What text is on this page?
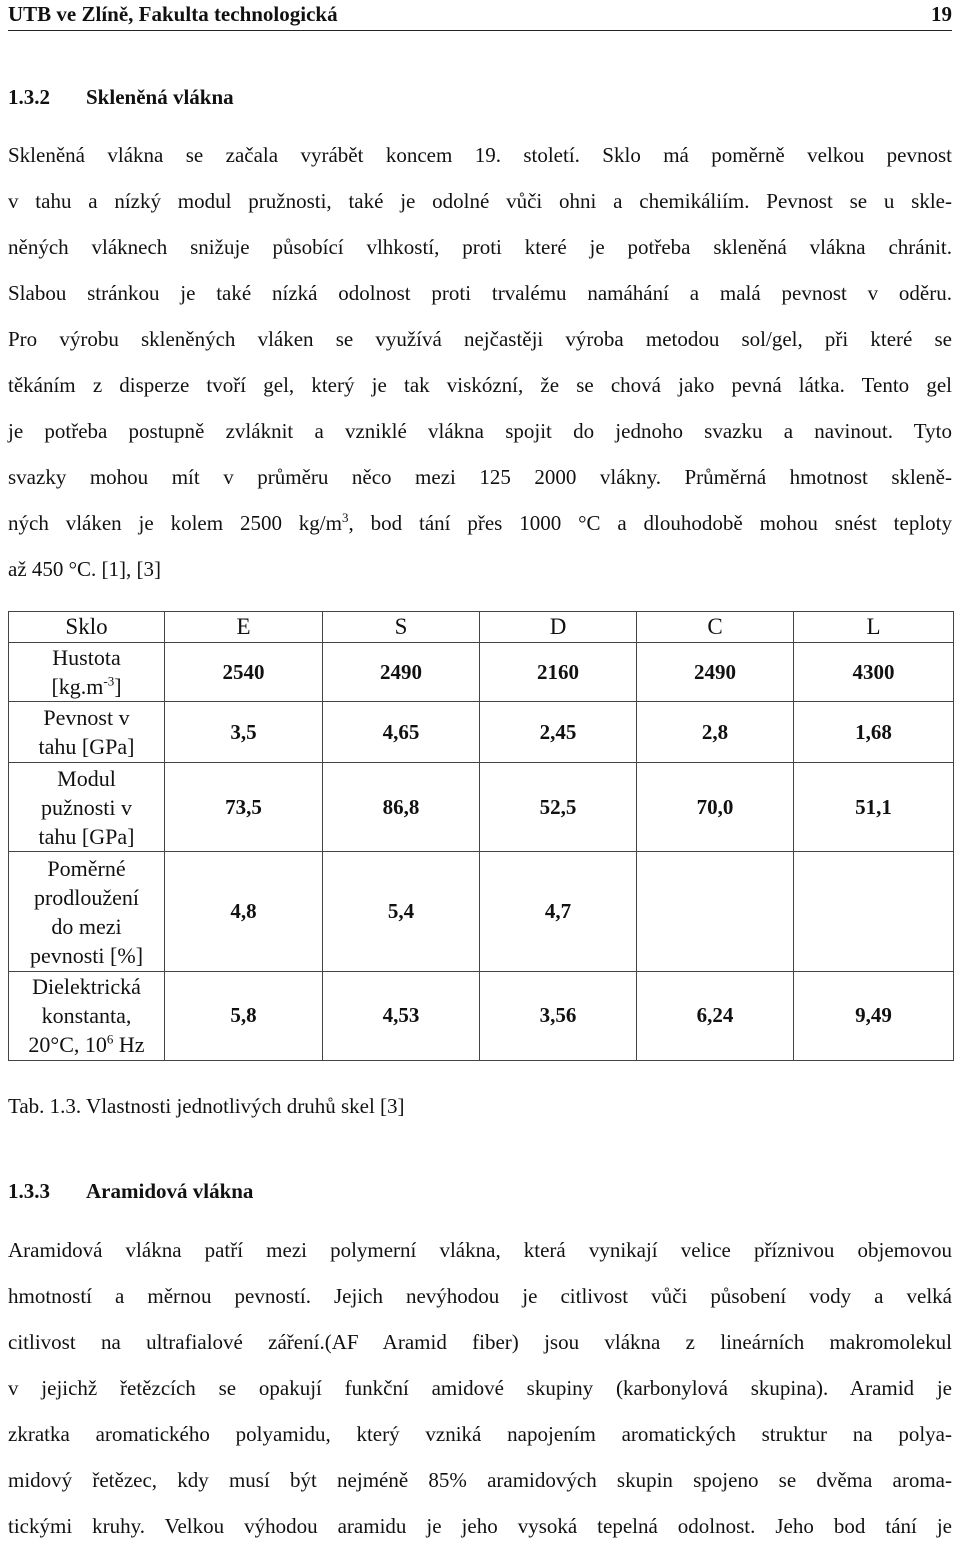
UTB ve Zlíně, Fakulta technologická	19
1.3.2 Skleněná vlákna
Skleněná vlákna se začala vyrábět koncem 19. století. Sklo má poměrně velkou pevnost
v tahu a nízký modul pružnosti, také je odolné vůči ohni a chemikáliím. Pevnost se u skle-
něných vláknech snižuje působící vlhkostí, proti které je potřeba skleněná vlákna chránit.
Slabou stránkou je také nízká odolnost proti trvalému namáhání a malá pevnost v oděru.
Pro výrobu skleněných vláken se využívá nejčastěji výroba metodou sol/gel, při které se
těkáním z disperze tvoří gel, který je tak viskózní, že se chová jako pevná látka. Tento gel
je potřeba postupně zvláknit a vzniklé vlákna spojit do jednoho svazku a navinout. Tyto
svazky mohou mít v průměru něco mezi 125 2000 vlákny. Průměrná hmotnost skleně-
ných vláken je kolem 2500 $kg/m^3$, bod tání přes 1000 °C a dlouhodobě mohou snést teploty
až 450 °C. [1], [3]
Sklo	E	S	D	C	L
Hustota
$[kg.m^{-3}]$	2540	2490	2160	2490	4300
Pevnost v
tahu [GPa]	3,5	4,65	2,45	2,8	1,68
Modul
pužnosti v
tahu [GPa]	73,5	86,8	52,5	70,0	51,1
Poměrné
prodloužení
do mezi
pevnosti [%]	4,8	5,4	4,7		
Dielektrická
konstanta,
20°C, $10^6$ Hz	5,8	4,53	3,56	6,24	9,49
Tab. 1.3. Vlastnosti jednotlivých druhů skel [3]
1.3.3 Aramidová vlákna
Aramidová vlákna patří mezi polymerní vlákna, která vynikají velice příznivou objemovou
hmotností a měrnou pevností. Jejich nevýhodou je citlivost vůči působení vody a velká
citlivost na ultrafialové záření.(AF Aramid fiber) jsou vlákna z lineárních makromolekul
v jejichž řetězcích se opakují funkční amidové skupiny (karbonylová skupina). Aramid je
zkratka aromatického polyamidu, který vzniká napojením aromatických struktur na polya-
midový řetězec, kdy musí být nejméně 85% aramidových skupin spojeno se dvěma aroma-
tickými kruhy. Velkou výhodou aramidu je jeho vysoká tepelná odolnost. Jeho bod tání je
